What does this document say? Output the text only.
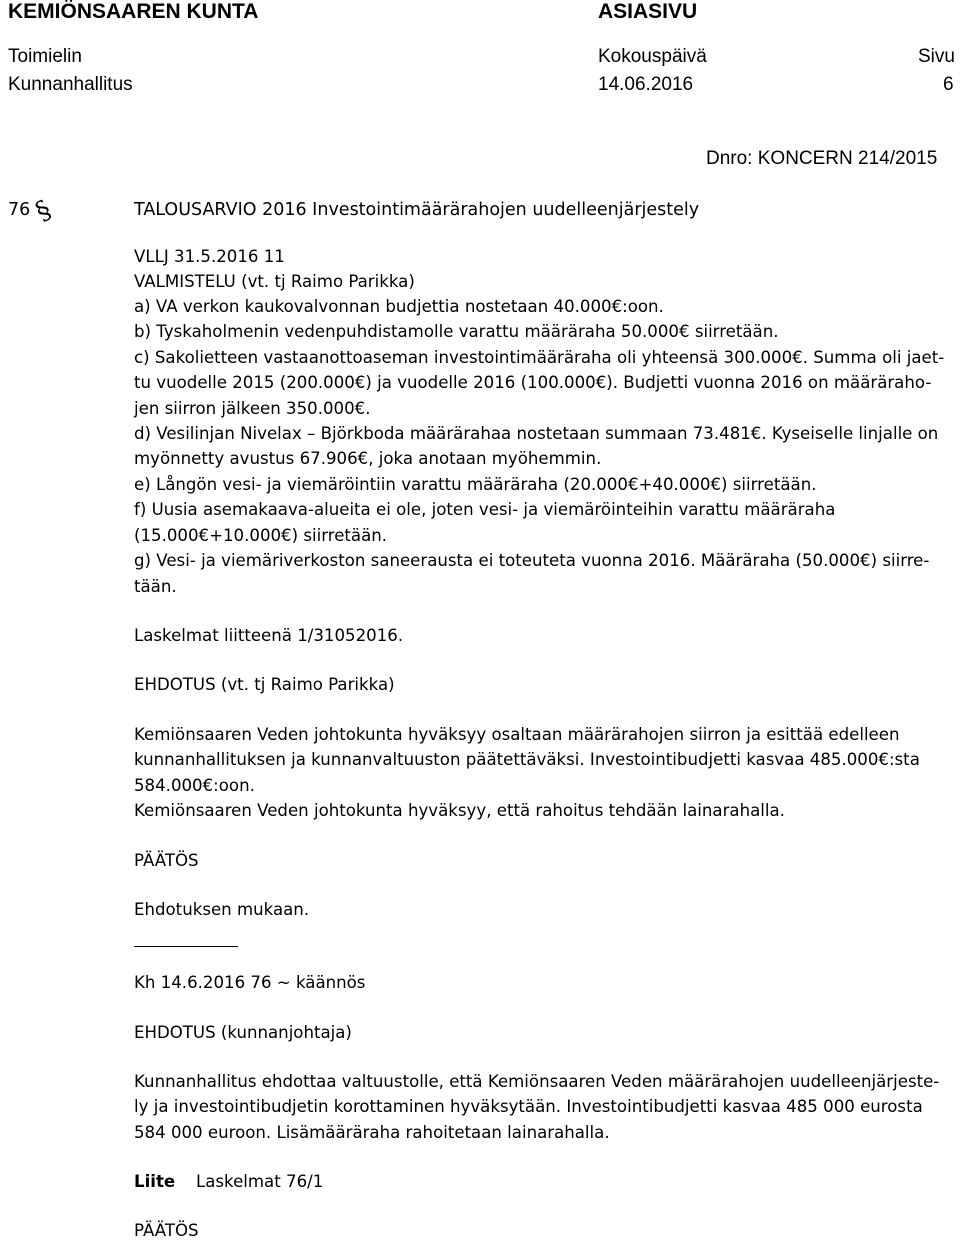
KEMIÖNSAAREN KUNTA	ASIASIVU
Toimielin	Kokouspäivä	Sivu
Kunnanhallitus	14.06.2016	6
Dnro: KONCERN 214/2015
76 §	TALOUSARVIO 2016 Investointimäärärahojen uudelleenjärjestely
VLLJ 31.5.2016 11
VALMISTELU (vt. tj Raimo Parikka)
a) VA verkon kaukovalvonnan budjettia nostetaan 40.000€:oon.
b) Tyskaholmenin vedenpuhdistamolle varattu määräraha 50.000€ siirretään.
c) Sakolietteen vastaanottoaseman investointimääräraha oli yhteensä 300.000€. Summa oli jaet-
tu vuodelle 2015 (200.000€) ja vuodelle 2016 (100.000€). Budjetti vuonna 2016 on määräraho-
jen siirron jälkeen 350.000€.
d) Vesilinjan Nivelax – Björkboda määrärahaa nostetaan summaan 73.481€. Kyseiselle linjalle on
myönnetty avustus 67.906€, joka anotaan myöhemmin.
e) Långön vesi- ja viemäröintiin varattu määräraha (20.000€+40.000€) siirretään.
f) Uusia asemakaava-alueita ei ole, joten vesi- ja viemäröinteihin varattu määräraha
(15.000€+10.000€) siirretään.
g) Vesi- ja viemäriverkoston saneerausta ei toteuteta vuonna 2016. Määräraha (50.000€) siirre-
tään.
Laskelmat liitteenä 1/31052016.
EHDOTUS (vt. tj Raimo Parikka)
Kemiönsaaren Veden johtokunta hyväksyy osaltaan määrärahojen siirron ja esittää edelleen
kunnanhallituksen ja kunnanvaltuuston päätettäväksi. Investointibudjetti kasvaa 485.000€:sta
584.000€:oon.
Kemiönsaaren Veden johtokunta hyväksyy, että rahoitus tehdään lainarahalla.
PÄÄTÖS
Ehdotuksen mukaan.
Kh 14.6.2016 76 ~ käännös
EHDOTUS (kunnanjohtaja)
Kunnanhallitus ehdottaa valtuustolle, että Kemiönsaaren Veden määrärahojen uudelleenjärjeste-
ly ja investointibudjetin korottaminen hyväksytään. Investointibudjetti kasvaa 485 000 eurosta
584 000 euroon. Lisämääräraha rahoitetaan lainarahalla.
Liite Laskelmat 76/1
PÄÄTÖS
